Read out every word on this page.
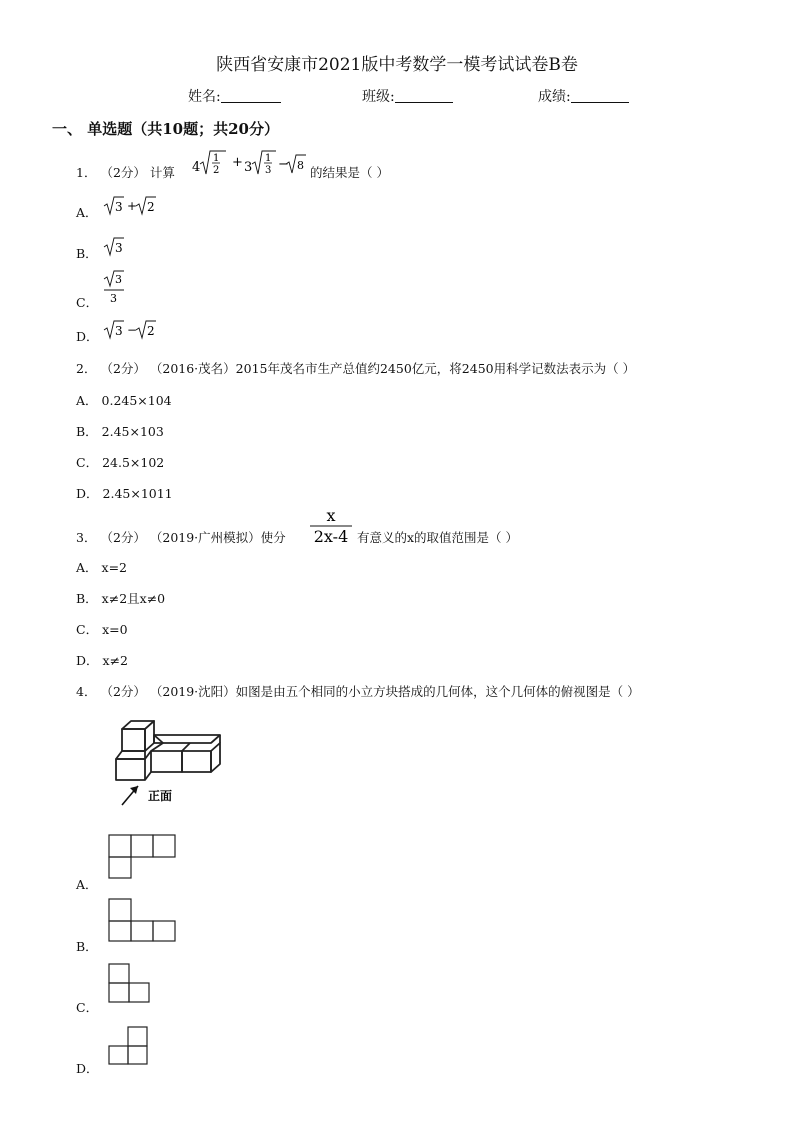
陕西省安康市2021版中考数学一模考试试卷B卷
姓名:	班级:	成绩:
一、 单选题（共10题；共20分）
1． （2分） 计算 4
1
2
+ 3
1
3 − 8 的结果是（ ）
A． 3 + 2
B． 3
C．
3
3
D． 3 − 2
2． （2分） （2016·茂名）2015年茂名市生产总值约2450亿元，将2450用科学记数法表示为（ ）
A． 0.245×104
B． 2.45×103
C． 24.5×102
D． 2.45×1011
3． （2分） （2019·广州模拟）使分
x
2x-4 有意义的x的取值范围是（ ）
A． x=2
B． x≠2且x≠0
C． x=0
D． x≠2
4． （2分） （2019·沈阳）如图是由五个相同的小立方块搭成的几何体，这个几何体的俯视图是（ ）
正面
A．
B．
C．
D．
